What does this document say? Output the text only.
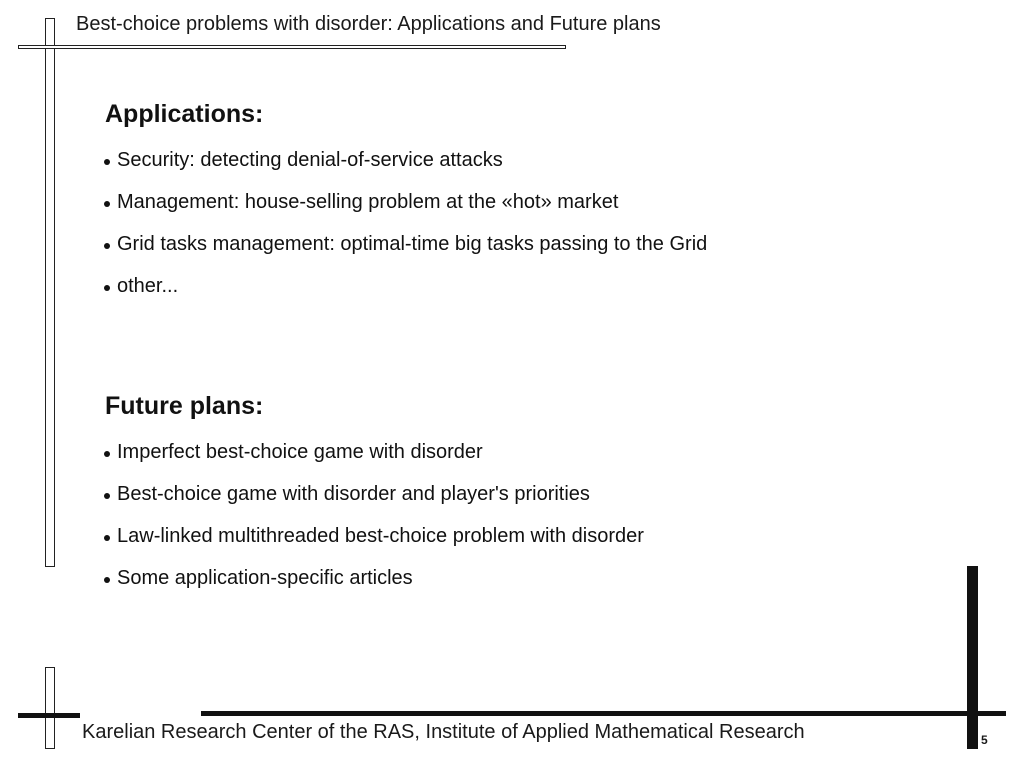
Best-choice problems with disorder: Applications and Future plans
Applications:
Security: detecting denial-of-service attacks
Management: house-selling problem at the «hot» market
Grid tasks management: optimal-time big tasks passing to the Grid
other...
Future plans:
Imperfect best-choice game with disorder
Best-choice game with disorder and player's priorities
Law-linked multithreaded best-choice problem with disorder
Some application-specific articles
Karelian Research Center of the RAS, Institute of Applied Mathematical Research	5
